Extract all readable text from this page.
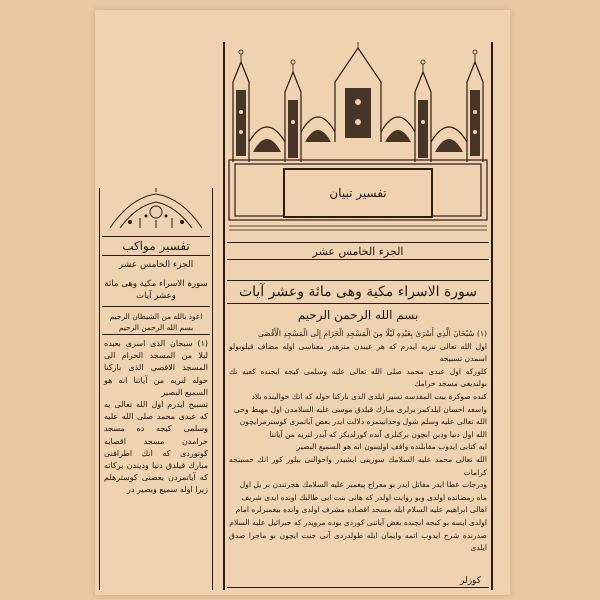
تفسير مواكب
الجزء الخامس عشر
سورة الاسراء مكية وهى مائة وعشر آيات
اعوذ بالله من الشيطان الرجيم بسم الله الرحمن الرحيم

(١) سبحان الذى اسرى بعبده ليلا من المسجد الحرام الى المسجد الاقصى الذى باركنا حوله لنريه من آياتنا انه هو السميع البصير

تسبيح ايدرم اول الله تعالى يه كه عبدى محمد صلى الله عليه وسلمى كيجه ده مسجد حرامدن مسجد اقصايه كوتوردى كه انك اطرافنى مبارك قيلدق دنيا وديندن بركاته كه آياتمزدن بعضنى كوسترهلم زيرا اوله سميع وبصير در

تفسير تبيان
الجزء الخامس عشر
سورة الاسراء مكية وهى مائة وعشر آيات
بسم الله الرحمن الرحيم

(١) سُبْحَانَ الَّذِي أَسْرَىٰ بِعَبْدِهِ لَيْلًا مِنَ الْمَسْجِدِ الْحَرَامِ إِلَى الْمَسْجِدِ الْأَقْصَى

اول الله تعالى تنزيه ايدرم كه هر عيبدن منزهدر معناسى اوله مضاف قيلوبولو اسمدن تسبيحه

كلورکه اول عبدى محمد صلى الله تعالى عليه وسلمى كيجه ايجنده كعبه نك بولنديغى مسجد حرامك

كنده صوكره بيت المقدسه تسير ايلدى الذى باركنا حوله كه انك حوالينده بلاد

واسعه احسان ايلدكمز يرلرى مبارك قيلدق موسى عليه السلامدن اول مهبط وحى

الله تعالى عليه وسلم شول وحدانيتمزه دلالت ايدر بعض آياتمزى كوسترمزايچون

الله اول دنيا ودين ايچون بركتلرى آنده كوزلديكز كه آيدر لنريه من آياتنا

ايه كتابى ايدوب مقابلنده واقف اولسون انه هو السميع البصير

الله تعالى محمد عليه السلامك سوزينى ايشيدر واحوالنى بيلور كور انك حسبنجه كرامات

ودرجات عطا ايدر مقاتل ايدر بو معراج پيغمبر عليه السلامك هجرتندن بر يل اول

ماه رمضانده اولدى وبو روايت اولدر كه هانى بنت ابى طالبك اونده ايدى شريف

اهالى ابراهيم عليه السلام ايله مسجد اقصاده مشرف اولدى وانده بيغمبرلره امام

اولدى ايسه بو كيجه ايچنده بعض آياتنى كوردى بوده مرويدر كه جبرائيل عليه السلام

صدرنده شرح ايدوب اتمه وايمان ايله طولدردى آنى جنت ايچون بو ماجرا صدق ايلدى

كوزلر
